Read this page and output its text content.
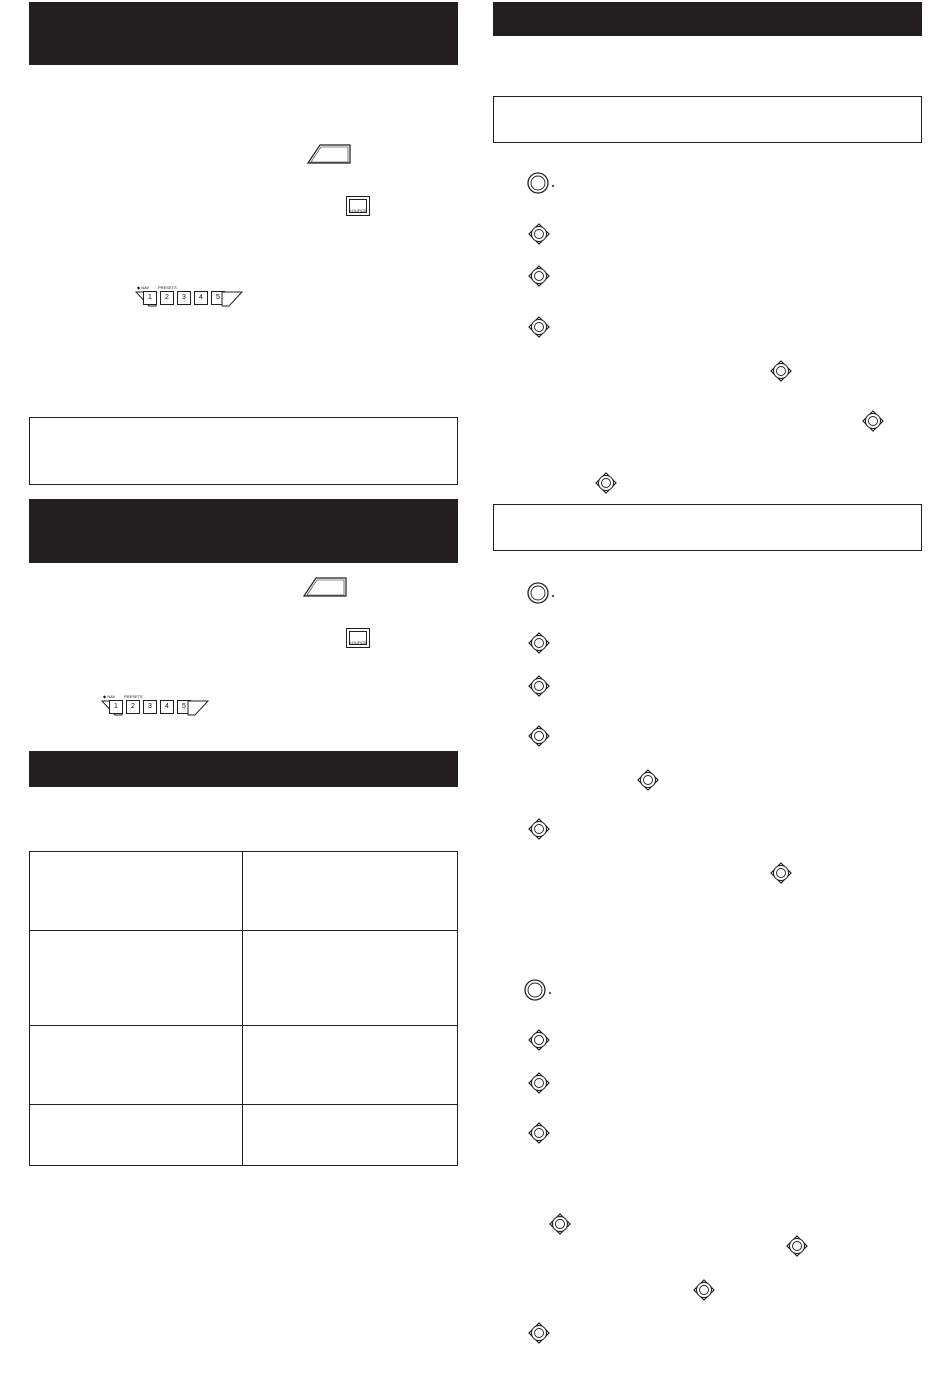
SOURCE
◆ NAV PRESETS
1	2	3	4	5
SOURCE
◆ NAV PRESETS
1	2	3	4	5
